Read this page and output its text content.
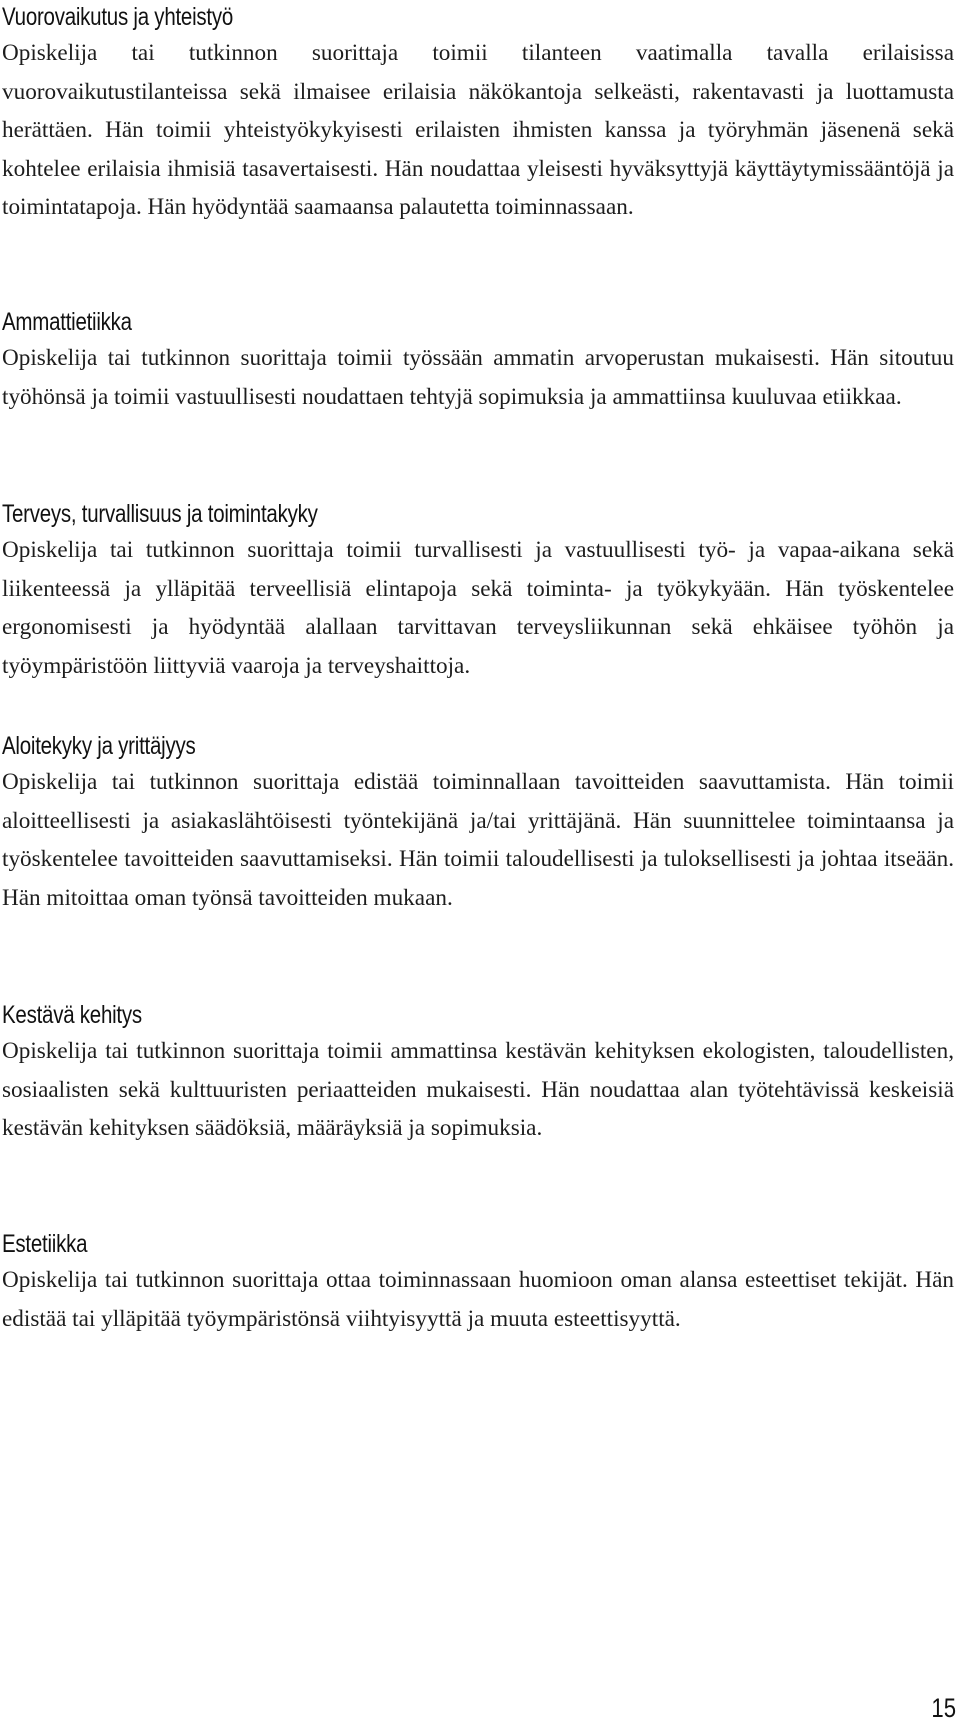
Vuorovaikutus ja yhteistyö

Opiskelija tai tutkinnon suorittaja toimii tilanteen vaatimalla tavalla erilaisissa vuorovaikutustilanteissa sekä ilmaisee erilaisia näkökantoja selkeästi, rakentavasti ja luottamusta herättäen. Hän toimii yhteistyökykyisesti erilaisten ihmisten kanssa ja työryhmän jäsenenä sekä kohtelee erilaisia ihmisiä tasavertaisesti. Hän noudattaa yleisesti hyväksyttyjä käyttäytymissääntöjä ja toimintatapoja. Hän hyödyntää saamaansa palautetta toiminnassaan.

Ammattietiikka

Opiskelija tai tutkinnon suorittaja toimii työssään ammatin arvoperustan mukaisesti. Hän sitoutuu työhönsä ja toimii vastuullisesti noudattaen tehtyjä sopimuksia ja ammattiinsa kuuluvaa etiikkaa.

Terveys, turvallisuus ja toimintakyky

Opiskelija tai tutkinnon suorittaja toimii turvallisesti ja vastuullisesti työ- ja vapaa-aikana sekä liikenteessä ja ylläpitää terveellisiä elintapoja sekä toiminta- ja työkykyään. Hän työskentelee ergonomisesti ja hyödyntää alallaan tarvittavan terveysliikunnan sekä ehkäisee työhön ja työympäristöön liittyviä vaaroja ja terveyshaittoja.

Aloitekyky ja yrittäjyys

Opiskelija tai tutkinnon suorittaja edistää toiminnallaan tavoitteiden saavuttamista. Hän toimii aloitteellisesti ja asiakaslähtöisesti työntekijänä ja/tai yrittäjänä. Hän suunnittelee toimintaansa ja työskentelee tavoitteiden saavuttamiseksi. Hän toimii taloudellisesti ja tuloksellisesti ja johtaa itseään. Hän mitoittaa oman työnsä tavoitteiden mukaan.

Kestävä kehitys

Opiskelija tai tutkinnon suorittaja toimii ammattinsa kestävän kehityksen ekologisten, taloudellisten, sosiaalisten sekä kulttuuristen periaatteiden mukaisesti. Hän noudattaa alan työtehtävissä keskeisiä kestävän kehityksen säädöksiä, määräyksiä ja sopimuksia.

Estetiikka

Opiskelija tai tutkinnon suorittaja ottaa toiminnassaan huomioon oman alansa esteettiset tekijät. Hän edistää tai ylläpitää työympäristönsä viihtyisyyttä ja muuta esteettisyyttä.

15
